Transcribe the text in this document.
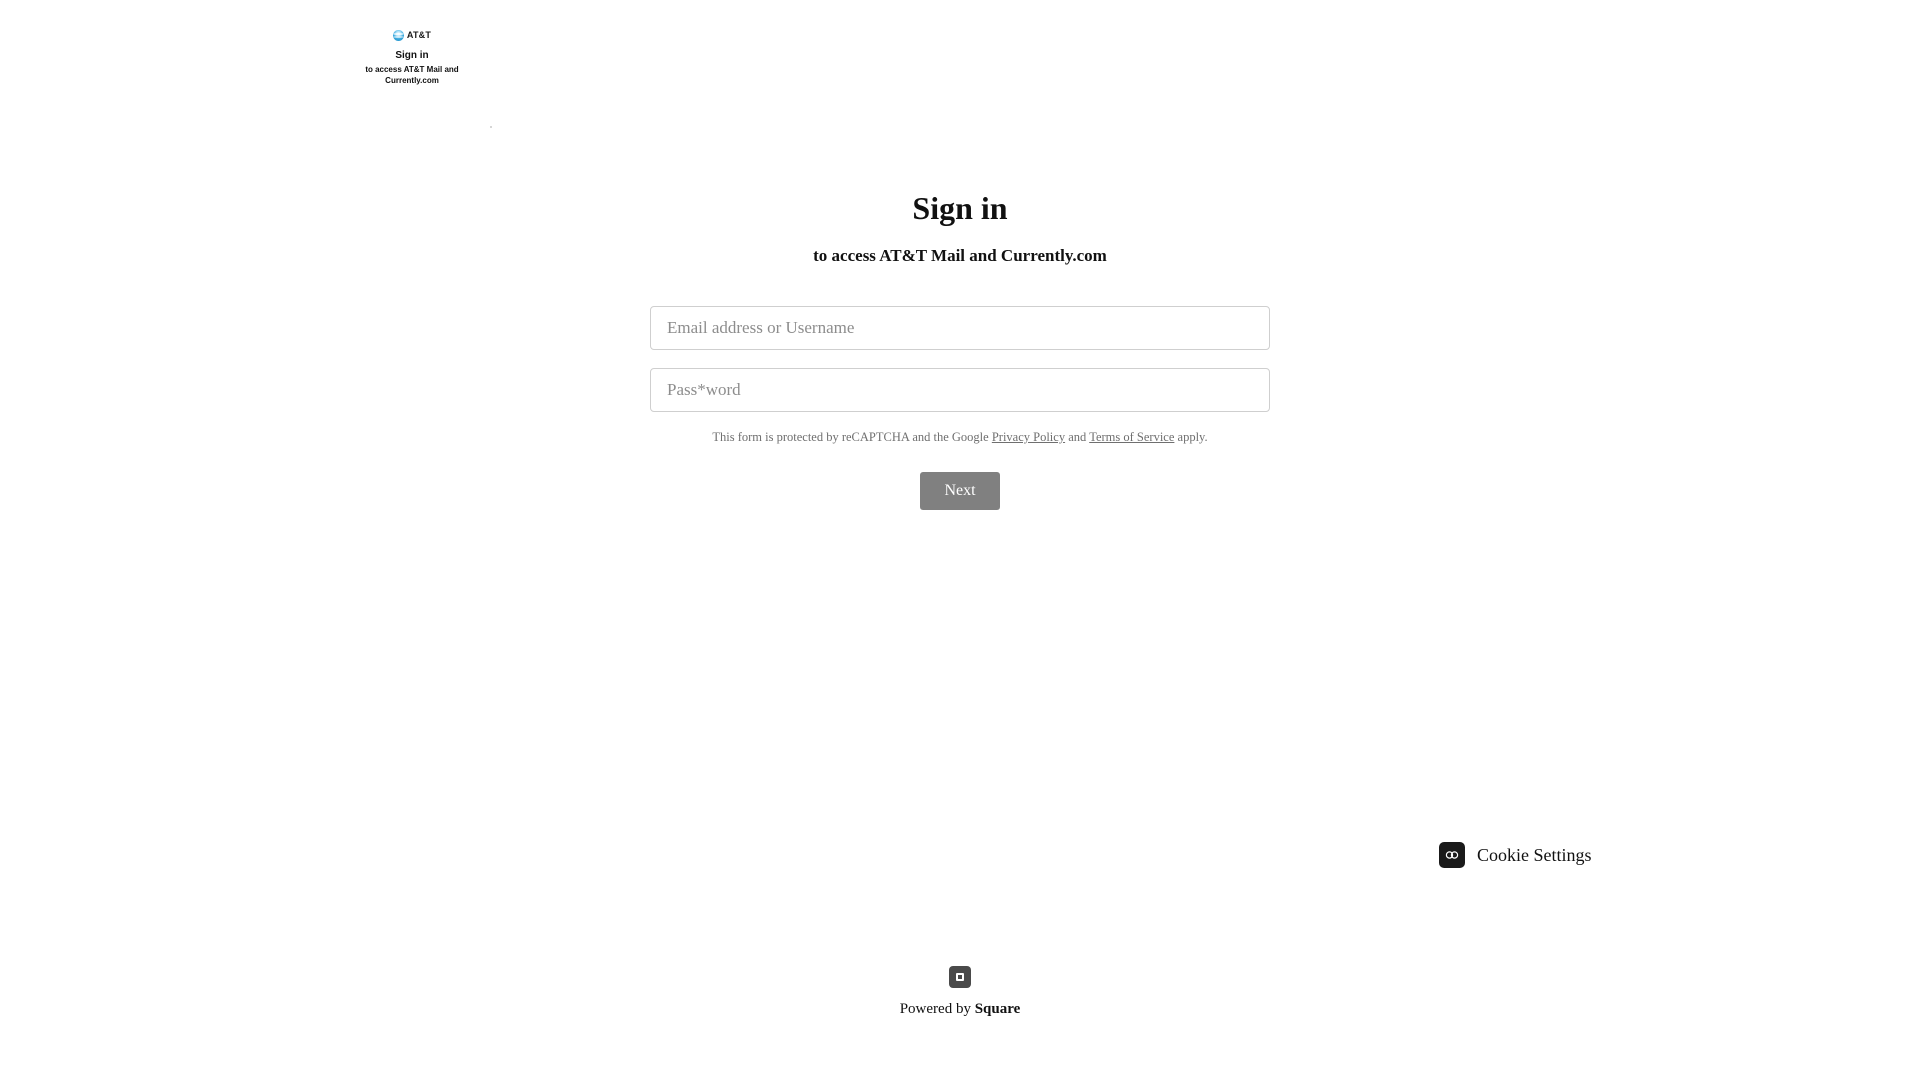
AT&T
Sign in
to access AT&T Mail and Currently.com
Sign in
to access AT&T Mail and Currently.com
Email address or Username
Pass*word
This form is protected by reCAPTCHA and the Google Privacy Policy and Terms of Service apply.
Next
Cookie Settings
Powered by Square
